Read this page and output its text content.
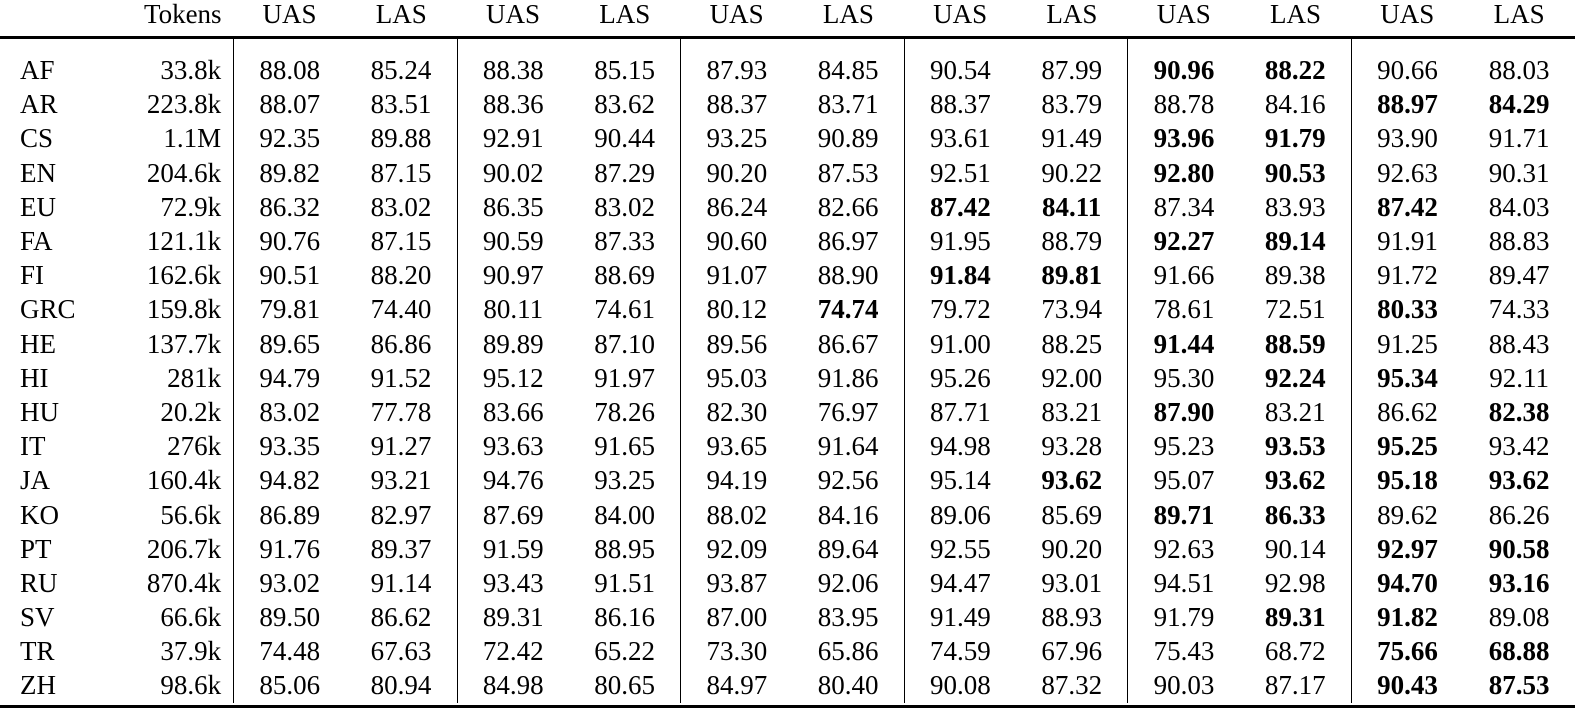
	Tokens	UAS	LAS	UAS	LAS	UAS	LAS	UAS	LAS	UAS	LAS	UAS	LAS
AF	33.8k	88.08	85.24	88.38	85.15	87.93	84.85	90.54	87.99	90.96	88.22	90.66	88.03
AR	223.8k	88.07	83.51	88.36	83.62	88.37	83.71	88.37	83.79	88.78	84.16	88.97	84.29
CS	1.1M	92.35	89.88	92.91	90.44	93.25	90.89	93.61	91.49	93.96	91.79	93.90	91.71
EN	204.6k	89.82	87.15	90.02	87.29	90.20	87.53	92.51	90.22	92.80	90.53	92.63	90.31
EU	72.9k	86.32	83.02	86.35	83.02	86.24	82.66	87.42	84.11	87.34	83.93	87.42	84.03
FA	121.1k	90.76	87.15	90.59	87.33	90.60	86.97	91.95	88.79	92.27	89.14	91.91	88.83
FI	162.6k	90.51	88.20	90.97	88.69	91.07	88.90	91.84	89.81	91.66	89.38	91.72	89.47
GRC	159.8k	79.81	74.40	80.11	74.61	80.12	74.74	79.72	73.94	78.61	72.51	80.33	74.33
HE	137.7k	89.65	86.86	89.89	87.10	89.56	86.67	91.00	88.25	91.44	88.59	91.25	88.43
HI	281k	94.79	91.52	95.12	91.97	95.03	91.86	95.26	92.00	95.30	92.24	95.34	92.11
HU	20.2k	83.02	77.78	83.66	78.26	82.30	76.97	87.71	83.21	87.90	83.21	86.62	82.38
IT	276k	93.35	91.27	93.63	91.65	93.65	91.64	94.98	93.28	95.23	93.53	95.25	93.42
JA	160.4k	94.82	93.21	94.76	93.25	94.19	92.56	95.14	93.62	95.07	93.62	95.18	93.62
KO	56.6k	86.89	82.97	87.69	84.00	88.02	84.16	89.06	85.69	89.71	86.33	89.62	86.26
PT	206.7k	91.76	89.37	91.59	88.95	92.09	89.64	92.55	90.20	92.63	90.14	92.97	90.58
RU	870.4k	93.02	91.14	93.43	91.51	93.87	92.06	94.47	93.01	94.51	92.98	94.70	93.16
SV	66.6k	89.50	86.62	89.31	86.16	87.00	83.95	91.49	88.93	91.79	89.31	91.82	89.08
TR	37.9k	74.48	67.63	72.42	65.22	73.30	65.86	74.59	67.96	75.43	68.72	75.66	68.88
ZH	98.6k	85.06	80.94	84.98	80.65	84.97	80.40	90.08	87.32	90.03	87.17	90.43	87.53
